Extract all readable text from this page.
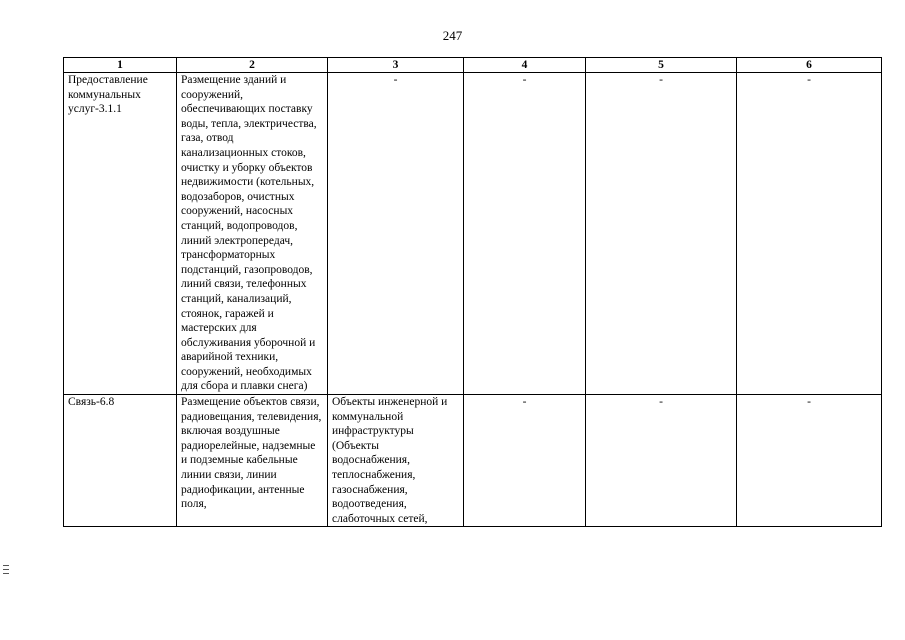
247
1	2	3	4	5	6
Предоставление коммунальных услуг-3.1.1	Размещение зданий и сооружений, обеспечивающих поставку воды, тепла, электричества, газа, отвод канализационных стоков, очистку и уборку объектов недвижимости (котельных, водозаборов, очистных сооружений, насосных станций, водопроводов, линий электропередач, трансформаторных подстанций, газопроводов, линий связи, телефонных станций, канализаций, стоянок, гаражей и мастерских для обслуживания уборочной и аварийной техники, сооружений, необходимых для сбора и плавки снега)	-	-	-	-
Связь-6.8	Размещение объектов связи, радиовещания, телевидения, включая воздушные радиорелейные, надземные и подземные кабельные линии связи, линии радиофикации, антенные поля,	Объекты инженерной и коммунальной инфраструктуры (Объекты водоснабжения, теплоснабжения, газоснабжения, водоотведения, слаботочных сетей,	-	-	-
